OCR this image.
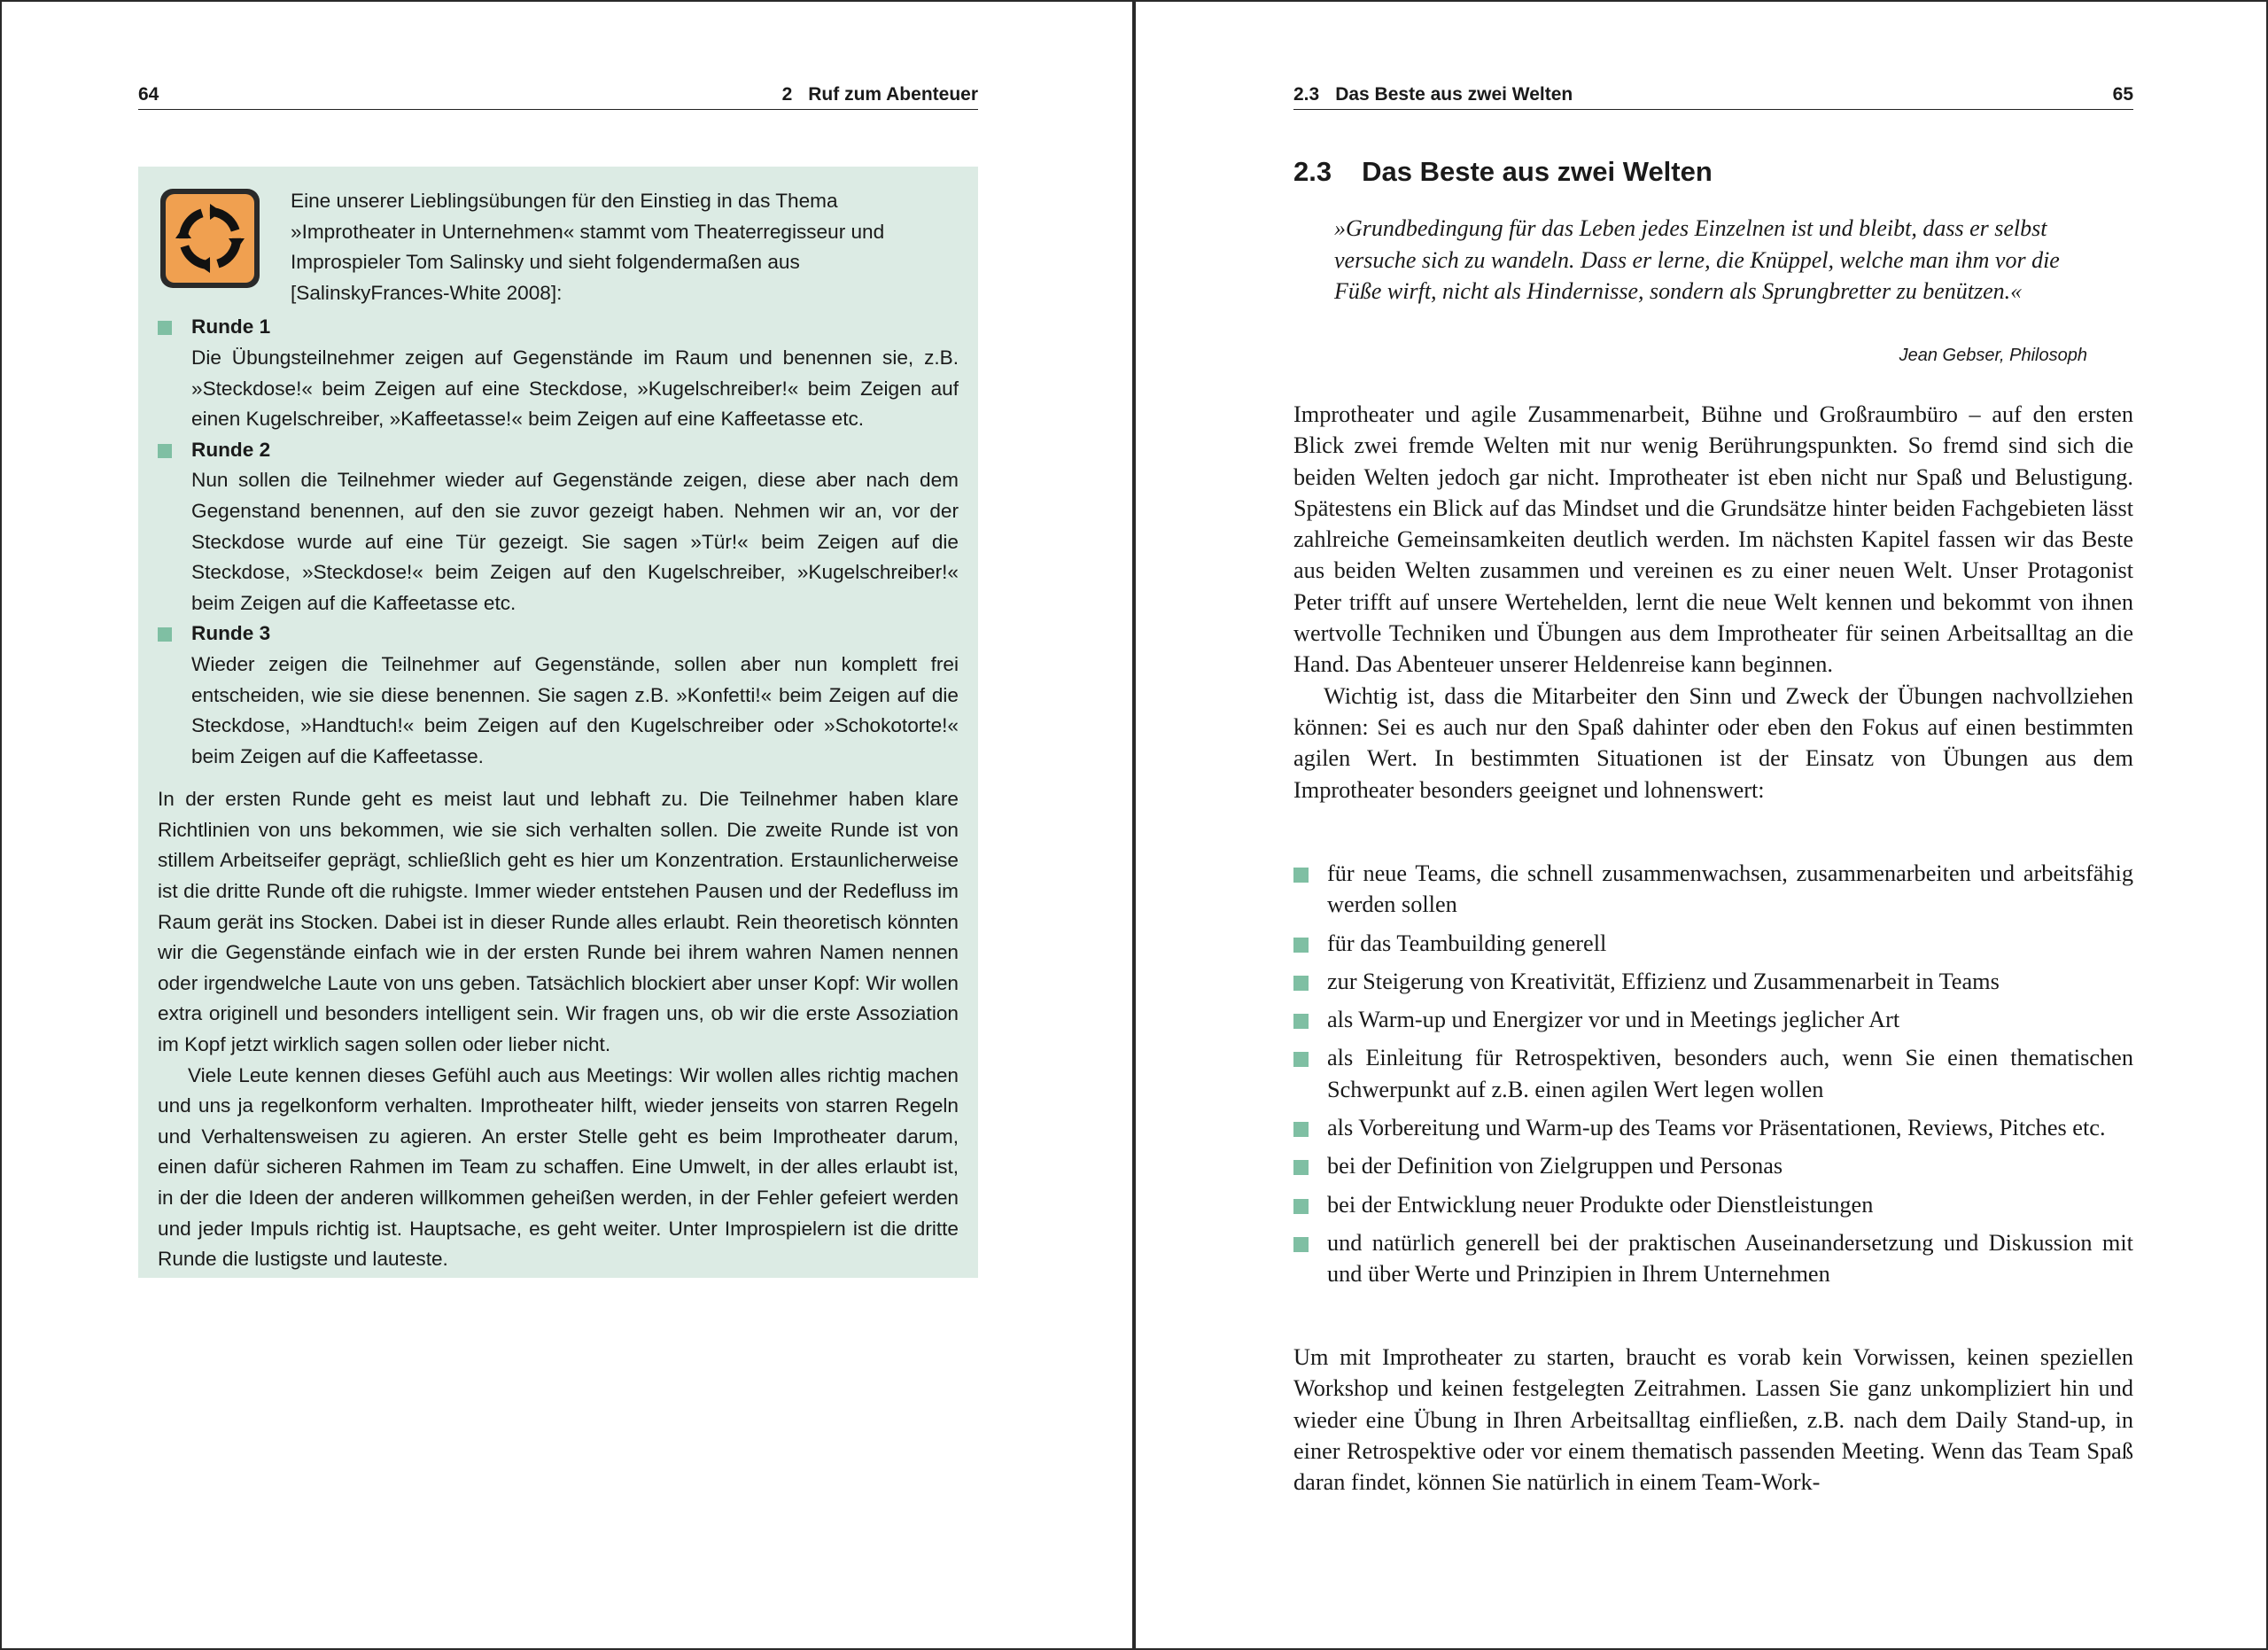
64	2 Ruf zum Abenteuer

Eine unserer Lieblingsübungen für den Einstieg in das Thema »Improtheater in Unternehmen« stammt vom Theaterregisseur und Improspieler Tom Salinsky und sieht folgendermaßen aus [SalinskyFrances-White 2008]:

Runde 1
Die Übungsteilnehmer zeigen auf Gegenstände im Raum und benennen sie, z.B. »Steckdose!« beim Zeigen auf eine Steckdose, »Kugelschreiber!« beim Zeigen auf einen Kugelschreiber, »Kaffeetasse!« beim Zeigen auf eine Kaffeetasse etc.
Runde 2
Nun sollen die Teilnehmer wieder auf Gegenstände zeigen, diese aber nach dem Gegenstand benennen, auf den sie zuvor gezeigt haben. Nehmen wir an, vor der Steckdose wurde auf eine Tür gezeigt. Sie sagen »Tür!« beim Zeigen auf die Steckdose, »Steckdose!« beim Zeigen auf den Kugelschreiber, »Kugelschreiber!« beim Zeigen auf die Kaffeetasse etc.
Runde 3
Wieder zeigen die Teilnehmer auf Gegenstände, sollen aber nun komplett frei entscheiden, wie sie diese benennen. Sie sagen z.B. »Konfetti!« beim Zeigen auf die Steckdose, »Handtuch!« beim Zeigen auf den Kugelschreiber oder »Schokotorte!« beim Zeigen auf die Kaffeetasse.

In der ersten Runde geht es meist laut und lebhaft zu. Die Teilnehmer haben klare Richtlinien von uns bekommen, wie sie sich verhalten sollen. Die zweite Runde ist von stillem Arbeitseifer geprägt, schließlich geht es hier um Konzentration. Erstaunlicherweise ist die dritte Runde oft die ruhigste. Immer wieder entstehen Pausen und der Redefluss im Raum gerät ins Stocken. Dabei ist in dieser Runde alles erlaubt. Rein theoretisch könnten wir die Gegenstände einfach wie in der ersten Runde bei ihrem wahren Namen nennen oder irgendwelche Laute von uns geben. Tatsächlich blockiert aber unser Kopf: Wir wollen extra originell und besonders intelligent sein. Wir fragen uns, ob wir die erste Assoziation im Kopf jetzt wirklich sagen sollen oder lieber nicht.

Viele Leute kennen dieses Gefühl auch aus Meetings: Wir wollen alles richtig machen und uns ja regelkonform verhalten. Improtheater hilft, wieder jenseits von starren Regeln und Verhaltensweisen zu agieren. An erster Stelle geht es beim Improtheater darum, einen dafür sicheren Rahmen im Team zu schaffen. Eine Umwelt, in der alles erlaubt ist, in der die Ideen der anderen willkommen geheißen werden, in der Fehler gefeiert werden und jeder Impuls richtig ist. Hauptsache, es geht weiter. Unter Improspielern ist die dritte Runde die lustigste und lauteste.

2.3 Das Beste aus zwei Welten	65
2.3 Das Beste aus zwei Welten

»Grundbedingung für das Leben jedes Einzelnen ist und bleibt, dass er selbst versuche sich zu wandeln. Dass er lerne, die Knüppel, welche man ihm vor die Füße wirft, nicht als Hindernisse, sondern als Sprungbretter zu benützen.«

Jean Gebser, Philosoph

Improtheater und agile Zusammenarbeit, Bühne und Großraumbüro – auf den ersten Blick zwei fremde Welten mit nur wenig Berührungspunkten. So fremd sind sich die beiden Welten jedoch gar nicht. Improtheater ist eben nicht nur Spaß und Belustigung. Spätestens ein Blick auf das Mindset und die Grundsätze hinter beiden Fachgebieten lässt zahlreiche Gemeinsamkeiten deutlich werden. Im nächsten Kapitel fassen wir das Beste aus beiden Welten zusammen und vereinen es zu einer neuen Welt. Unser Protagonist Peter trifft auf unsere Wertehelden, lernt die neue Welt kennen und bekommt von ihnen wertvolle Techniken und Übungen aus dem Improtheater für seinen Arbeitsalltag an die Hand. Das Abenteuer unserer Heldenreise kann beginnen.

Wichtig ist, dass die Mitarbeiter den Sinn und Zweck der Übungen nachvollziehen können: Sei es auch nur den Spaß dahinter oder eben den Fokus auf einen bestimmten agilen Wert. In bestimmten Situationen ist der Einsatz von Übungen aus dem Improtheater besonders geeignet und lohnenswert:

für neue Teams, die schnell zusammenwachsen, zusammenarbeiten und arbeitsfähig werden sollen
für das Teambuilding generell
zur Steigerung von Kreativität, Effizienz und Zusammenarbeit in Teams
als Warm-up und Energizer vor und in Meetings jeglicher Art
als Einleitung für Retrospektiven, besonders auch, wenn Sie einen thematischen Schwerpunkt auf z.B. einen agilen Wert legen wollen
als Vorbereitung und Warm-up des Teams vor Präsentationen, Reviews, Pitches etc.
bei der Definition von Zielgruppen und Personas
bei der Entwicklung neuer Produkte oder Dienstleistungen
und natürlich generell bei der praktischen Auseinandersetzung und Diskussion mit und über Werte und Prinzipien in Ihrem Unternehmen

Um mit Improtheater zu starten, braucht es vorab kein Vorwissen, keinen speziellen Workshop und keinen festgelegten Zeitrahmen. Lassen Sie ganz unkompliziert hin und wieder eine Übung in Ihren Arbeitsalltag einfließen, z.B. nach dem Daily Stand-up, in einer Retrospektive oder vor einem thematisch passenden Meeting. Wenn das Team Spaß daran findet, können Sie natürlich in einem Team-Work-
